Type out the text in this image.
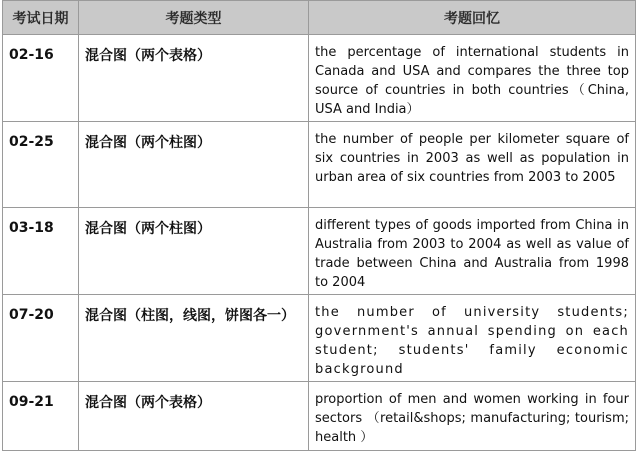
考试日期	考题类型	考题回忆
02-16	混合图（两个表格）	the percentage of international students in Canada and USA and compares the three top source of countries in both countries（China, USA and India）
02-25	混合图（两个柱图）	the number of people per kilometer square of six countries in 2003 as well as population in urban area of six countries from 2003 to 2005
03-18	混合图（两个柱图）	different types of goods imported from China in Australia from 2003 to 2004 as well as value of trade between China and Australia from 1998 to 2004
07-20	混合图（柱图，线图，饼图各一）	the number of university students; government's annual spending on each student; students' family economic background
09-21	混合图（两个表格）	proportion of men and women working in four sectors （retail&shops; manufacturing; tourism; health ）
